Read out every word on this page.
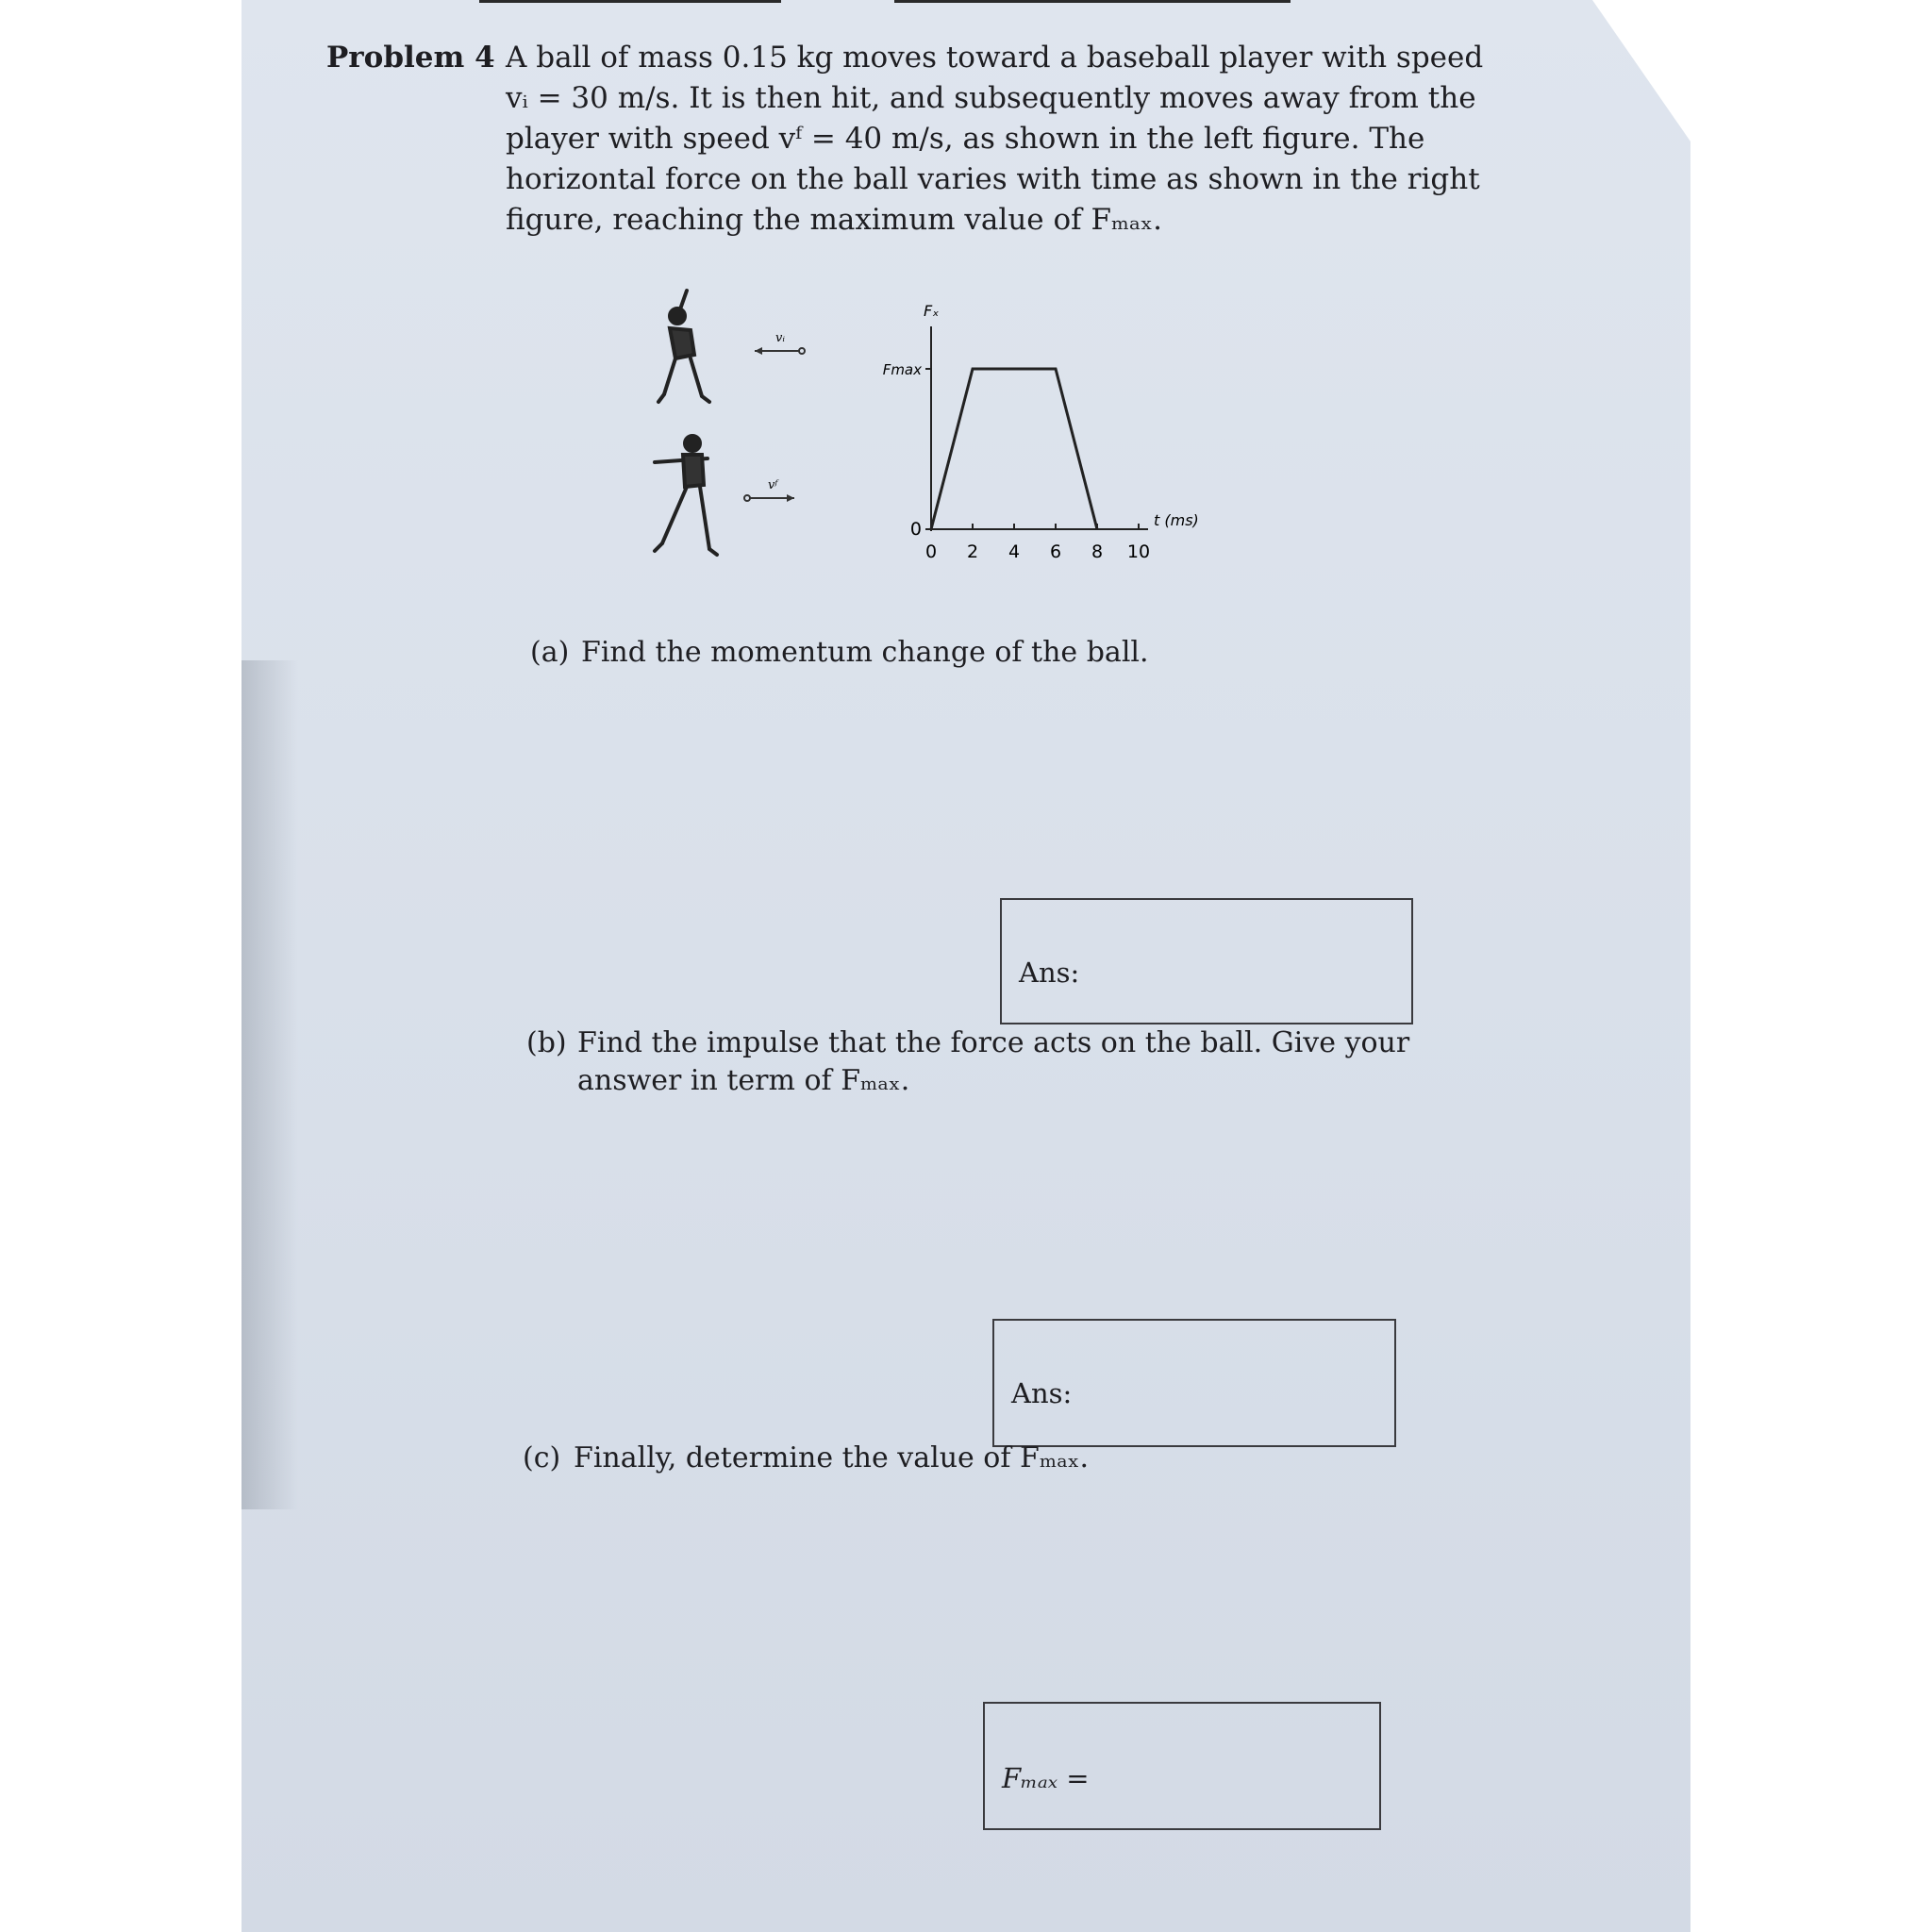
Problem 4 A ball of mass 0.15 kg moves toward a baseball player with speed
vᵢ = 30 m/s. It is then hit, and subsequently moves away from the
player with speed vᶠ = 40 m/s, as shown in the left figure. The
horizontal force on the ball varies with time as shown in the right
figure, reaching the maximum value of Fₘₐₓ.
vᵢ
vᶠ
0 2 4 6 8 10
0
Fmax
Fₓ
t (ms)
(a) Find the momentum change of the ball.
Ans:
(b) Find the impulse that the force acts on the ball. Give your
answer in term of Fₘₐₓ.
Ans:
(c) Finally, determine the value of Fₘₐₓ.
Fₘₐₓ =
